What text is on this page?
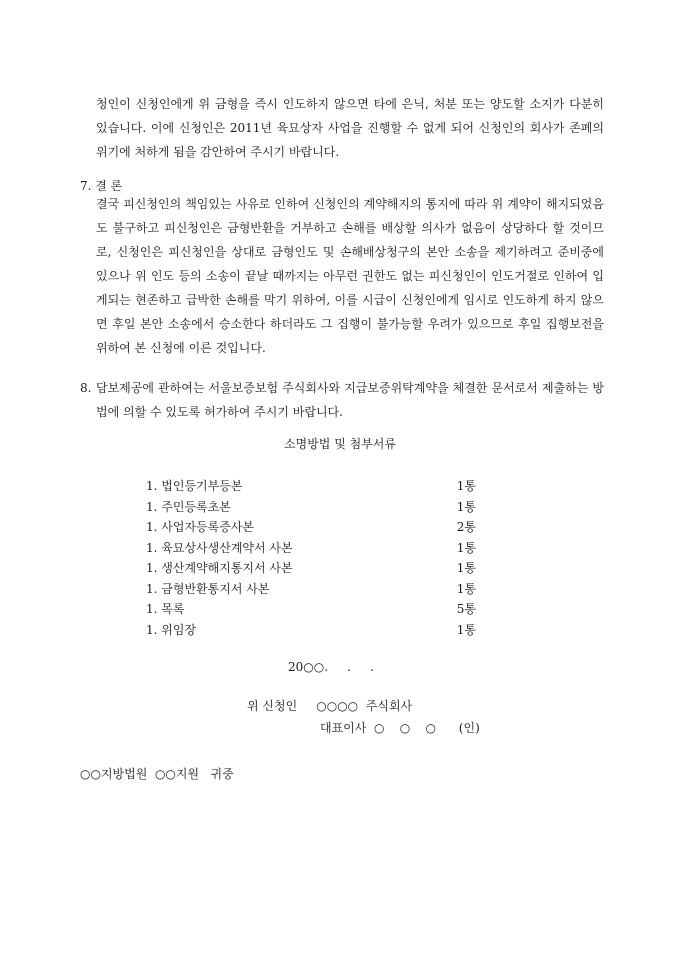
청인이 신청인에게 위 금형을 즉시 인도하지 않으면 타에 은닉, 처분 또는 양도할 소지가 다분히 있습니다. 이에 신청인은 2011년 육묘상자 사업을 진행할 수 없게 되어 신청인의 회사가 존폐의 위기에 처하게 됨을 감안하여 주시기 바랍니다.
7. 결 론
결국 피신청인의 책임있는 사유로 인하여 신청인의 계약해지의 통지에 따라 위 계약이 해지되었음도 불구하고 피신청인은 금형반환을 거부하고 손해를 배상할 의사가 없음이 상당하다 할 것이므로, 신청인은 피신청인을 상대로 금형인도 및 손해배상청구의 본안 소송을 제기하려고 준비중에 있으나 위 인도 등의 소송이 끝날 때까지는 아무런 권한도 없는 피신청인이 인도거절로 인하여 입게되는 현존하고 급박한 손해를 막기 위하여, 이를 시급이 신청인에게 임시로 인도하게 하지 않으면 후일 본안 소송에서 승소한다 하더라도 그 집행이 불가능할 우려가 있으므로 후일 집행보전을 위하여 본 신청에 이른 것입니다.
8. 담보제공에 관하여는 서울보증보험 주식회사와 지급보증위탁계약을 체결한 문서로서 제출하는 방법에 의할 수 있도록 허가하여 주시기 바랍니다.
소명방법 및 첨부서류
1. 법인등기부등본	1통
1. 주민등록초본	1통
1. 사업자등록증사본	2통
1. 육묘상사생산계약서 사본	1통
1. 생산계약해지통지서 사본	1통
1. 금형반환통지서 사본	1통
1. 목록	5통
1. 위임장	1통
20○○.     .     .
위 신청인     ○○○○  주식회사
대표이사  ○    ○    ○      (인)
○○지방법원  ○○지원   귀중
